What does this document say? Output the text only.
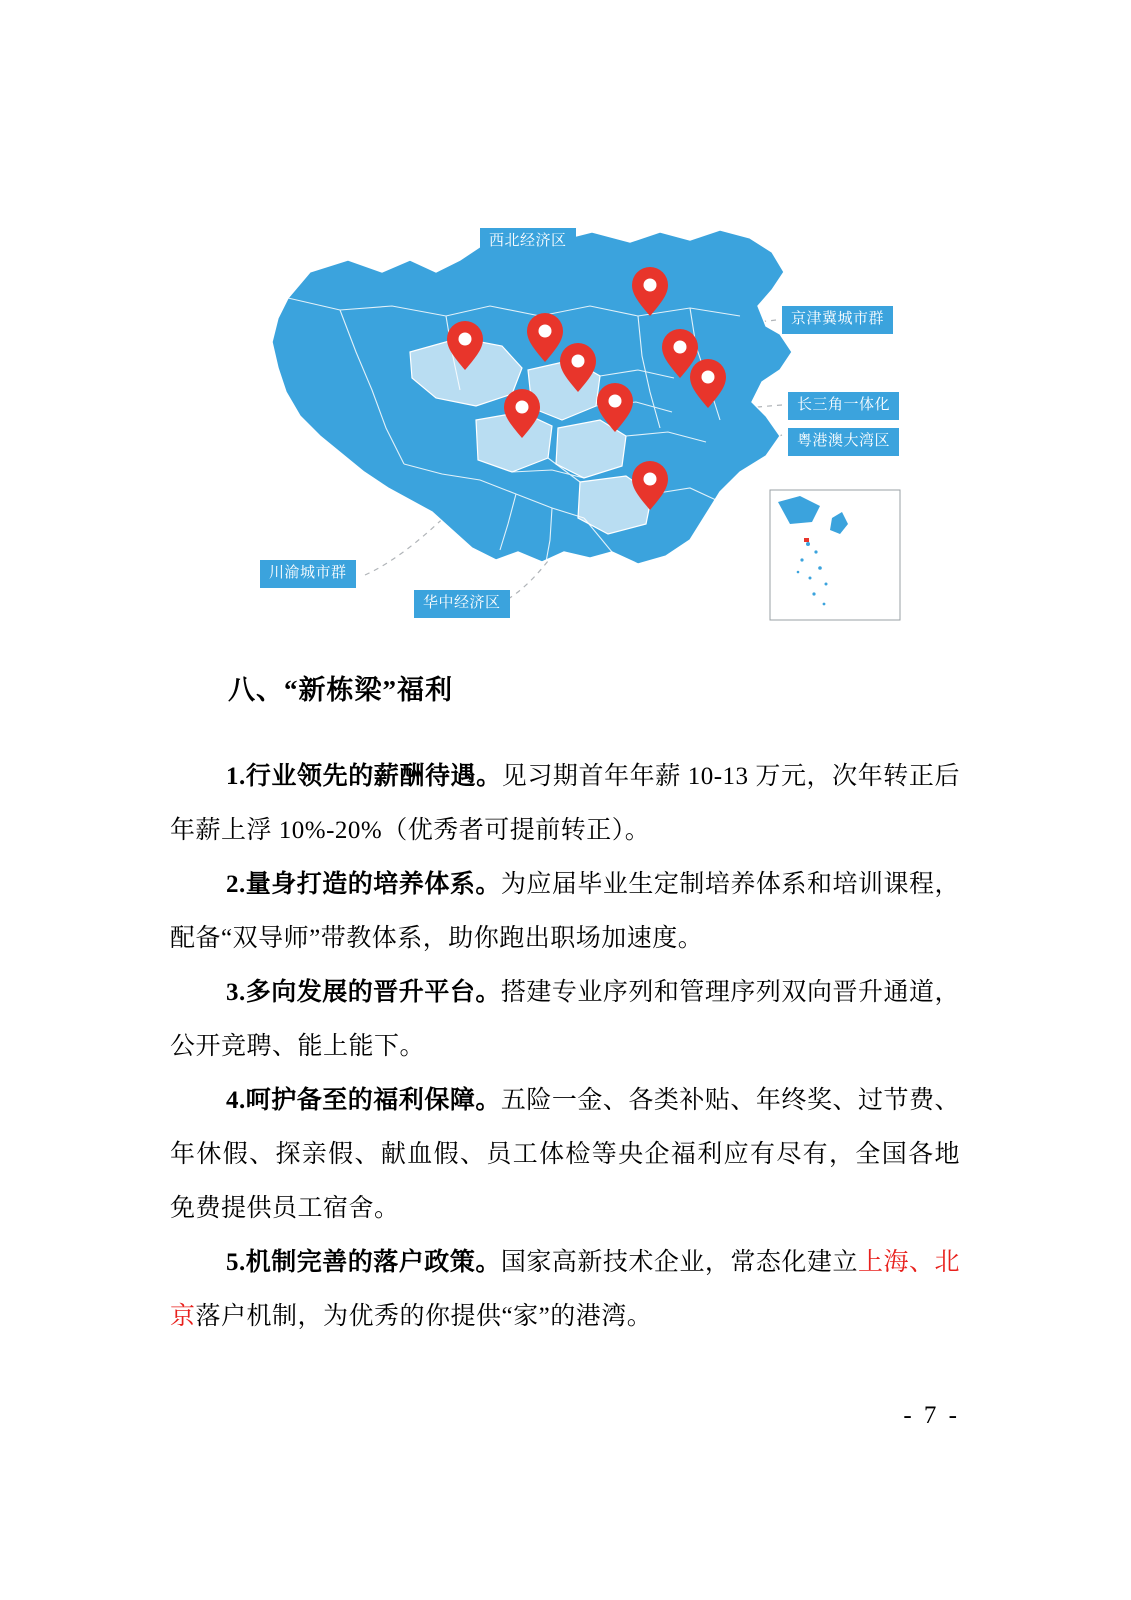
西北经济区
京津冀城市群
长三角一体化
粤港澳大湾区
川渝城市群
华中经济区
八、“新栋梁”福利
1.行业领先的薪酬待遇。见习期首年年薪 10-13 万元，次年转正后年薪上浮 10%-20%（优秀者可提前转正）。
2.量身打造的培养体系。为应届毕业生定制培养体系和培训课程，配备“双导师”带教体系，助你跑出职场加速度。
3.多向发展的晋升平台。搭建专业序列和管理序列双向晋升通道，公开竞聘、能上能下。
4.呵护备至的福利保障。五险一金、各类补贴、年终奖、过节费、年休假、探亲假、献血假、员工体检等央企福利应有尽有，全国各地免费提供员工宿舍。
5.机制完善的落户政策。国家高新技术企业，常态化建立上海、北京落户机制，为优秀的你提供“家”的港湾。
- 7 -
